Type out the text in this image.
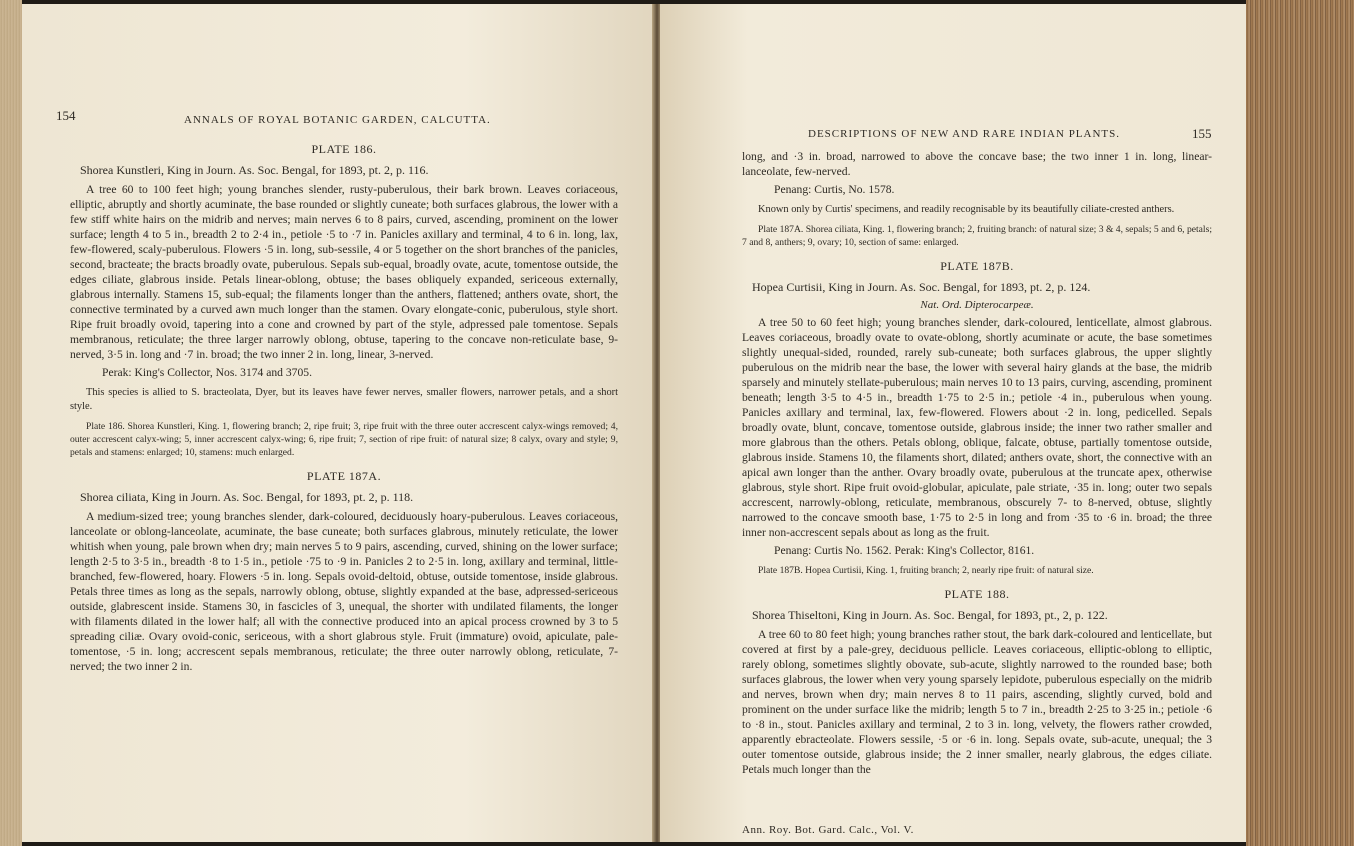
154	ANNALS OF ROYAL BOTANIC GARDEN, CALCUTTA.
PLATE 186.
Shorea Kunstleri, King in Journ. As. Soc. Bengal, for 1893, pt. 2, p. 116.
A tree 60 to 100 feet high; young branches slender, rusty-puberulous, their bark brown. Leaves coriaceous, elliptic, abruptly and shortly acuminate, the base rounded or slightly cuneate; both surfaces glabrous, the lower with a few stiff white hairs on the midrib and nerves; main nerves 6 to 8 pairs, curved, ascending, prominent on the lower surface; length 4 to 5 in., breadth 2 to 2·4 in., petiole ·5 to ·7 in. Panicles axillary and terminal, 4 to 6 in. long, lax, few-flowered, scaly-puberulous. Flowers ·5 in. long, sub-sessile, 4 or 5 together on the short branches of the panicles, second, bracteate; the bracts broadly ovate, puberulous. Sepals sub-equal, broadly ovate, acute, tomentose outside, the edges ciliate, glabrous inside. Petals linear-oblong, obtuse; the bases obliquely expanded, sericeous externally, glabrous internally. Stamens 15, sub-equal; the filaments longer than the anthers, flattened; anthers ovate, short, the connective terminated by a curved awn much longer than the stamen. Ovary elongate-conic, puberulous, style short. Ripe fruit broadly ovoid, tapering into a cone and crowned by part of the style, adpressed pale tomentose. Sepals membranous, reticulate; the three larger narrowly oblong, obtuse, tapering to the concave non-reticulate base, 9-nerved, 3·5 in. long and ·7 in. broad; the two inner 2 in. long, linear, 3-nerved.
Perak: King's Collector, Nos. 3174 and 3705.
This species is allied to S. bracteolata, Dyer, but its leaves have fewer nerves, smaller flowers, narrower petals, and a short style.
Plate 186. Shorea Kunstleri, King. 1, flowering branch; 2, ripe fruit; 3, ripe fruit with the three outer accrescent calyx-wings removed; 4, outer accrescent calyx-wing; 5, inner accrescent calyx-wing; 6, ripe fruit; 7, section of ripe fruit: of natural size; 8 calyx, ovary and style; 9, petals and stamens: enlarged; 10, stamens: much enlarged.
PLATE 187A.
Shorea ciliata, King in Journ. As. Soc. Bengal, for 1893, pt. 2, p. 118.
A medium-sized tree; young branches slender, dark-coloured, deciduously hoary-puberulous. Leaves coriaceous, lanceolate or oblong-lanceolate, acuminate, the base cuneate; both surfaces glabrous, minutely reticulate, the lower whitish when young, pale brown when dry; main nerves 5 to 9 pairs, ascending, curved, shining on the lower surface; length 2·5 to 3·5 in., breadth ·8 to 1·5 in., petiole ·75 to ·9 in. Panicles 2 to 2·5 in. long, axillary and terminal, little-branched, few-flowered, hoary. Flowers ·5 in. long. Sepals ovoid-deltoid, obtuse, outside tomentose, inside glabrous. Petals three times as long as the sepals, narrowly oblong, obtuse, slightly expanded at the base, adpressed-sericeous outside, glabrescent inside. Stamens 30, in fascicles of 3, unequal, the shorter with undilated filaments, the longer with filaments dilated in the lower half; all with the connective produced into an apical process crowned by 3 to 5 spreading ciliæ. Ovary ovoid-conic, sericeous, with a short glabrous style. Fruit (immature) ovoid, apiculate, pale-tomentose, ·5 in. long; accrescent sepals membranous, reticulate; the three outer narrowly oblong, reticulate, 7-nerved; the two inner 2 in.
DESCRIPTIONS OF NEW AND RARE INDIAN PLANTS.	155
long, and ·3 in. broad, narrowed to above the concave base; the two inner 1 in. long, linear-lanceolate, few-nerved.
Penang: Curtis, No. 1578.
Known only by Curtis' specimens, and readily recognisable by its beautifully ciliate-crested anthers.
Plate 187A. Shorea ciliata, King. 1, flowering branch; 2, fruiting branch: of natural size; 3 & 4, sepals; 5 and 6, petals; 7 and 8, anthers; 9, ovary; 10, section of same: enlarged.
PLATE 187B.
Hopea Curtisii, King in Journ. As. Soc. Bengal, for 1893, pt. 2, p. 124.
Nat. Ord. Dipterocarpeæ.
A tree 50 to 60 feet high; young branches slender, dark-coloured, lenticellate, almost glabrous. Leaves coriaceous, broadly ovate to ovate-oblong, shortly acuminate or acute, the base sometimes slightly unequal-sided, rounded, rarely sub-cuneate; both surfaces glabrous, the upper slightly puberulous on the midrib near the base, the lower with several hairy glands at the base, the midrib sparsely and minutely stellate-puberulous; main nerves 10 to 13 pairs, curving, ascending, prominent beneath; length 3·5 to 4·5 in., breadth 1·75 to 2·5 in.; petiole ·4 in., puberulous when young. Panicles axillary and terminal, lax, few-flowered. Flowers about ·2 in. long, pedicelled. Sepals broadly ovate, blunt, concave, tomentose outside, glabrous inside; the inner two rather smaller and more glabrous than the others. Petals oblong, oblique, falcate, obtuse, partially tomentose outside, glabrous inside. Stamens 10, the filaments short, dilated; anthers ovate, short, the connective with an apical awn longer than the anther. Ovary broadly ovate, puberulous at the truncate apex, otherwise glabrous, style short. Ripe fruit ovoid-globular, apiculate, pale striate, ·35 in. long; outer two sepals accrescent, narrowly-oblong, reticulate, membranous, obscurely 7- to 8-nerved, obtuse, slightly narrowed to the concave smooth base, 1·75 to 2·5 in long and from ·35 to ·6 in. broad; the three inner non-accrescent sepals about as long as the fruit.
Penang: Curtis No. 1562. Perak: King's Collector, 8161.
Plate 187B. Hopea Curtisii, King. 1, fruiting branch; 2, nearly ripe fruit: of natural size.
PLATE 188.
Shorea Thiseltoni, King in Journ. As. Soc. Bengal, for 1893, pt., 2, p. 122.
A tree 60 to 80 feet high; young branches rather stout, the bark dark-coloured and lenticellate, but covered at first by a pale-grey, deciduous pellicle. Leaves coriaceous, elliptic-oblong to elliptic, rarely oblong, sometimes slightly obovate, sub-acute, slightly narrowed to the rounded base; both surfaces glabrous, the lower when very young sparsely lepidote, puberulous especially on the midrib and nerves, brown when dry; main nerves 8 to 11 pairs, ascending, slightly curved, bold and prominent on the under surface like the midrib; length 5 to 7 in., breadth 2·25 to 3·25 in.; petiole ·6 to ·8 in., stout. Panicles axillary and terminal, 2 to 3 in. long, velvety, the flowers rather crowded, apparently ebracteolate. Flowers sessile, ·5 or ·6 in. long. Sepals ovate, sub-acute, unequal; the 3 outer tomentose outside, glabrous inside; the 2 inner smaller, nearly glabrous, the edges ciliate. Petals much longer than the
Ann. Roy. Bot. Gard. Calc., Vol. V.
